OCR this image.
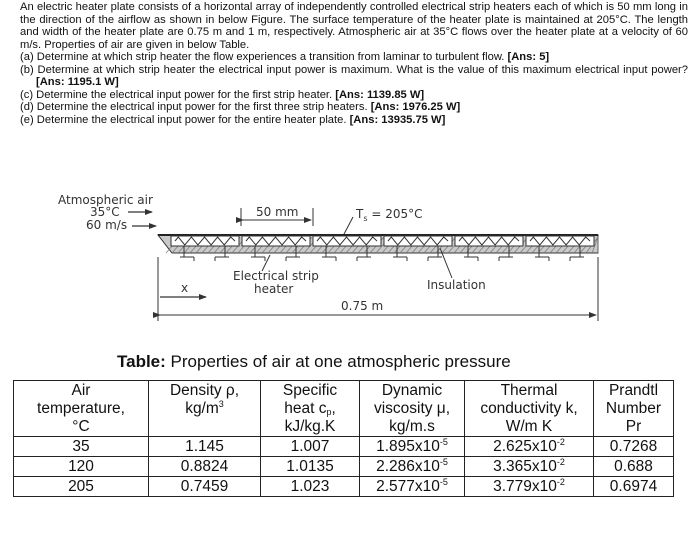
An electric heater plate consists of a horizontal array of independently controlled electrical strip heaters each of which is 50 mm long in the direction of the airflow as shown in below Figure. The surface temperature of the heater plate is maintained at 205°C. The length and width of the heater plate are 0.75 m and 1 m, respectively. Atmospheric air at 35°C flows over the heater plate at a velocity of 60 m/s. Properties of air are given in below Table.

(a) Determine at which strip heater the flow experiences a transition from laminar to turbulent flow. [Ans: 5]

(b) Determine at which strip heater the electrical input power is maximum. What is the value of this maximum electrical input power? [Ans: 1195.1 W]

(c) Determine the electrical input power for the first strip heater. [Ans: 1139.85 W]

(d) Determine the electrical input power for the first three strip heaters. [Ans: 1976.25 W]

(e) Determine the electrical input power for the entire heater plate. [Ans: 13935.75 W]

Atmospheric air
35°C
60 m/s
50 mm	$T_s = 205^\circ C$
Electrical strip
heater	Insulation
x
0.75 m
Table: Properties of air at one atmospheric pressure
Air
temperature,
°C	Density ρ,
$kg/m^3$	Specific
heat $c_p$,
kJ/kg.K	Dynamic
viscosity μ,
kg/m.s	Thermal
conductivity k,
W/m K	Prandtl
Number
Pr
35	1.145	1.007	$1.895x10^{-5}$	$2.625x10^{-2}$	0.7268
120	0.8824	1.0135	$2.286x10^{-5}$	$3.365x10^{-2}$	0.688
205	0.7459	1.023	$2.577x10^{-5}$	$3.779x10^{-2}$	0.6974
